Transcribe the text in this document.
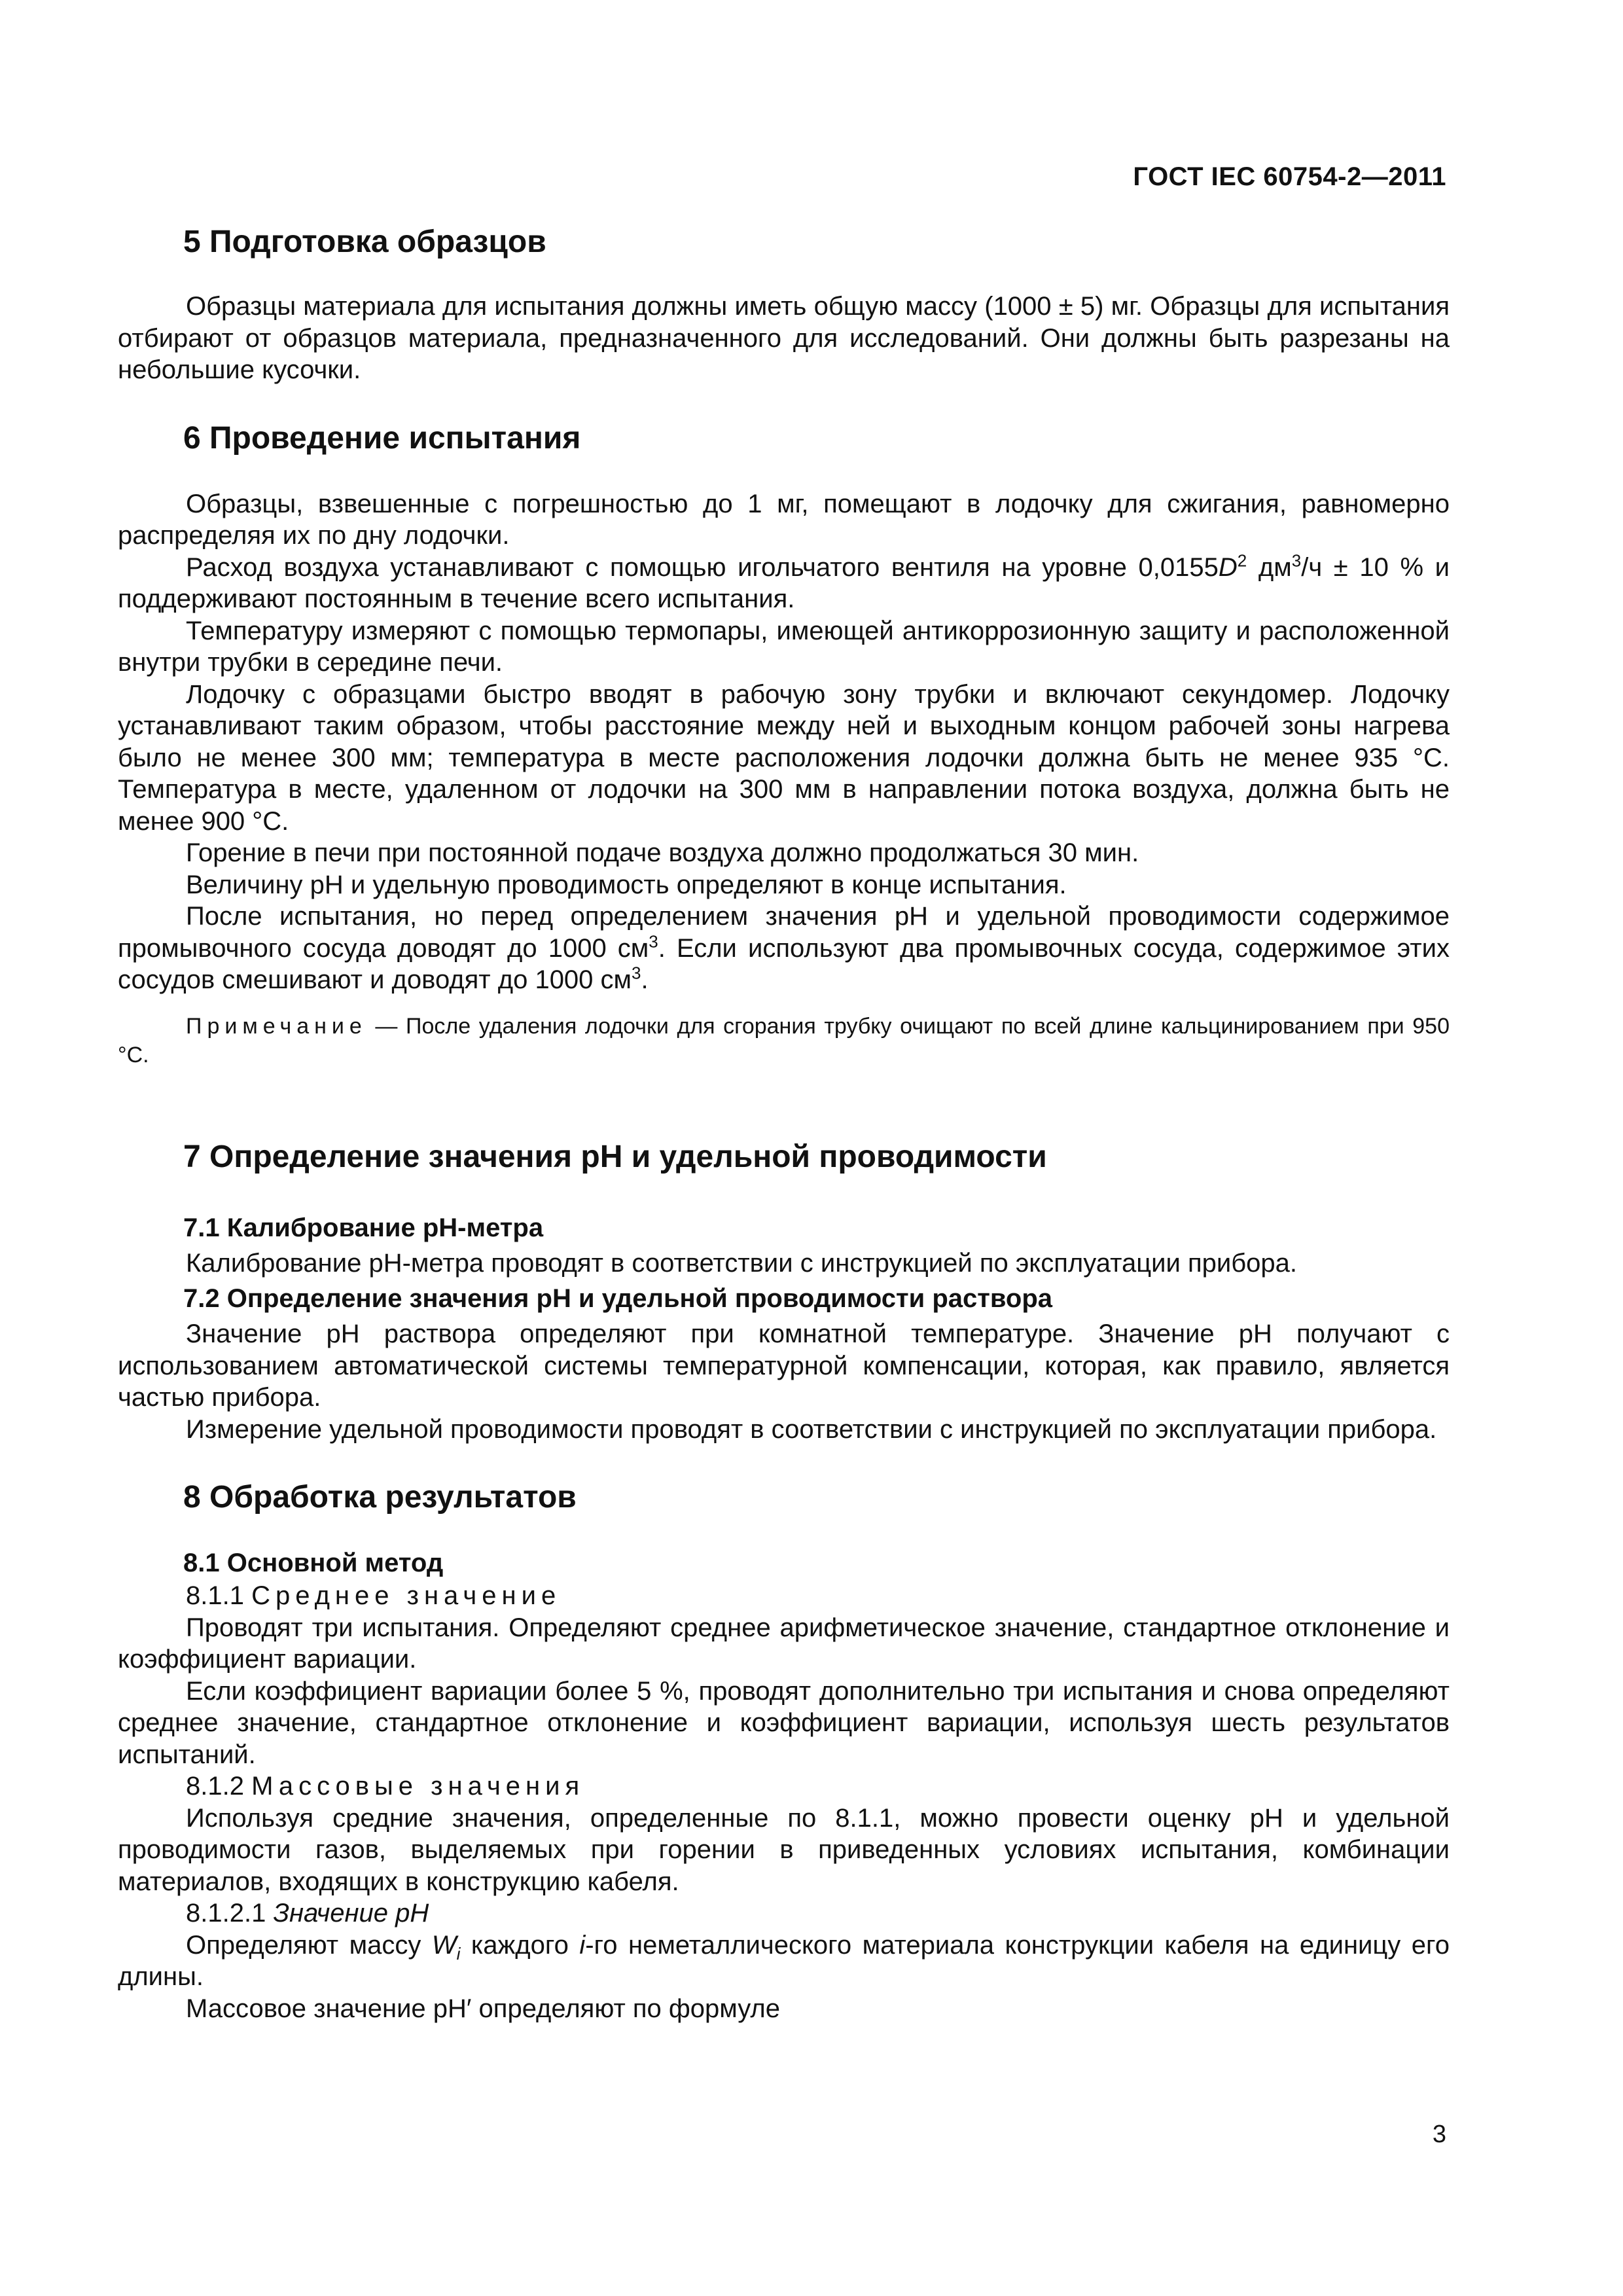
ГОСТ IEC 60754-2—2011
5 Подготовка образцов

Образцы материала для испытания должны иметь общую массу (1000 ± 5) мг. Образцы для испытания отбирают от образцов материала, предназначенного для исследований. Они должны быть разрезаны на небольшие кусочки.

6 Проведение испытания

Образцы, взвешенные с погрешностью до 1 мг, помещают в лодочку для сжигания, равномерно распределяя их по дну лодочки.

Расход воздуха устанавливают с помощью игольчатого вентиля на уровне $0,0155D^2$ $дм^3/ч \pm 10$ % и поддерживают постоянным в течение всего испытания.

Температуру измеряют с помощью термопары, имеющей антикоррозионную защиту и расположенной внутри трубки в середине печи.

Лодочку с образцами быстро вводят в рабочую зону трубки и включают секундомер. Лодочку устанавливают таким образом, чтобы расстояние между ней и выходным концом рабочей зоны нагрева было не менее 300 мм; температура в месте расположения лодочки должна быть не менее 935 °С. Температура в месте, удаленном от лодочки на 300 мм в направлении потока воздуха, должна быть не менее 900 °С.

Горение в печи при постоянной подаче воздуха должно продолжаться 30 мин.

Величину pH и удельную проводимость определяют в конце испытания.

После испытания, но перед определением значения pH и удельной проводимости содержимое промывочного сосуда доводят до 1000 $см^3$. Если используют два промывочных сосуда, содержимое этих сосудов смешивают и доводят до 1000 $см^3$.

Примечание — После удаления лодочки для сгорания трубку очищают по всей длине кальцинированием при 950 °С.

7 Определение значения pH и удельной проводимости
7.1 Калибрование pH-метра

Калибрование pH-метра проводят в соответствии с инструкцией по эксплуатации прибора.

7.2 Определение значения pH и удельной проводимости раствора

Значение pH раствора определяют при комнатной температуре. Значение pH получают с использованием автоматической системы температурной компенсации, которая, как правило, является частью прибора.

Измерение удельной проводимости проводят в соответствии с инструкцией по эксплуатации прибора.

8 Обработка результатов
8.1 Основной метод

8.1.1 Среднее значение

Проводят три испытания. Определяют среднее арифметическое значение, стандартное отклонение и коэффициент вариации.

Если коэффициент вариации более 5 %, проводят дополнительно три испытания и снова определяют среднее значение, стандартное отклонение и коэффициент вариации, используя шесть результатов испытаний.

8.1.2 Массовые значения

Используя средние значения, определенные по 8.1.1, можно провести оценку pH и удельной проводимости газов, выделяемых при горении в приведенных условиях испытания, комбинации материалов, входящих в конструкцию кабеля.

8.1.2.1 Значение pH

Определяют массу $W_i$ каждого i-го неметаллического материала конструкции кабеля на единицу его длины.

Массовое значение pH′ определяют по формуле

3
